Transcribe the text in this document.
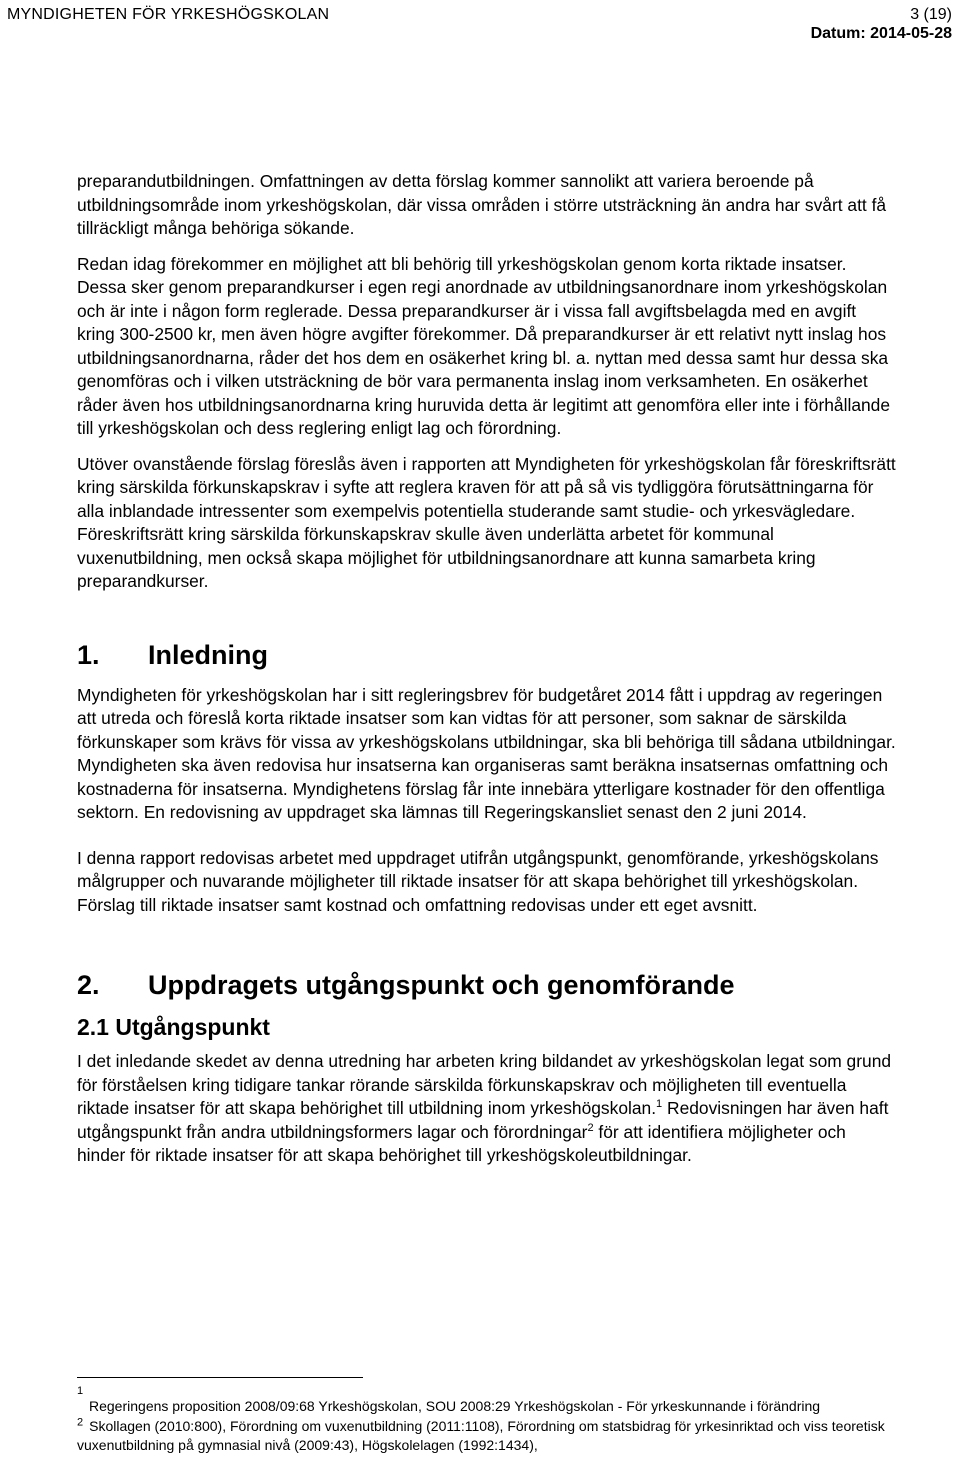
MYNDIGHETEN FÖR YRKESHÖGSKOLAN	3 (19)
Datum: 2014-05-28

preparandutbildningen. Omfattningen av detta förslag kommer sannolikt att variera beroende på utbildningsområde inom yrkeshögskolan, där vissa områden i större utsträckning än andra har svårt att få tillräckligt många behöriga sökande.

Redan idag förekommer en möjlighet att bli behörig till yrkeshögskolan genom korta riktade insatser. Dessa sker genom preparandkurser i egen regi anordnade av utbildningsanordnare inom yrkeshögskolan och är inte i någon form reglerade. Dessa preparandkurser är i vissa fall avgiftsbelagda med en avgift kring 300-2500 kr, men även högre avgifter förekommer. Då preparandkurser är ett relativt nytt inslag hos utbildningsanordnarna, råder det hos dem en osäkerhet kring bl. a. nyttan med dessa samt hur dessa ska genomföras och i vilken utsträckning de bör vara permanenta inslag inom verksamheten. En osäkerhet råder även hos utbildningsanordnarna kring huruvida detta är legitimt att genomföra eller inte i förhållande till yrkeshögskolan och dess reglering enligt lag och förordning.

Utöver ovanstående förslag föreslås även i rapporten att Myndigheten för yrkeshögskolan får föreskriftsrätt kring särskilda förkunskapskrav i syfte att reglera kraven för att på så vis tydliggöra förutsättningarna för alla inblandade intressenter som exempelvis potentiella studerande samt studie- och yrkesvägledare. Föreskriftsrätt kring särskilda förkunskapskrav skulle även underlätta arbetet för kommunal vuxenutbildning, men också skapa möjlighet för utbildningsanordnare att kunna samarbeta kring preparandkurser.

1. Inledning

Myndigheten för yrkeshögskolan har i sitt regleringsbrev för budgetåret 2014 fått i uppdrag av regeringen att utreda och föreslå korta riktade insatser som kan vidtas för att personer, som saknar de särskilda förkunskaper som krävs för vissa av yrkeshögskolans utbildningar, ska bli behöriga till sådana utbildningar. Myndigheten ska även redovisa hur insatserna kan organiseras samt beräkna insatsernas omfattning och kostnaderna för insatserna. Myndighetens förslag får inte innebära ytterligare kostnader för den offentliga sektorn. En redovisning av uppdraget ska lämnas till Regeringskansliet senast den 2 juni 2014.

I denna rapport redovisas arbetet med uppdraget utifrån utgångspunkt, genomförande, yrkeshögskolans målgrupper och nuvarande möjligheter till riktade insatser för att skapa behörighet till yrkeshögskolan. Förslag till riktade insatser samt kostnad och omfattning redovisas under ett eget avsnitt.

2. Uppdragets utgångspunkt och genomförande
2.1 Utgångspunkt

I det inledande skedet av denna utredning har arbeten kring bildandet av yrkeshögskolan legat som grund för förståelsen kring tidigare tankar rörande särskilda förkunskapskrav och möjligheten till eventuella riktade insatser för att skapa behörighet till utbildning inom yrkeshögskolan.$^1$ Redovisningen har även haft utgångspunkt från andra utbildningsformers lagar och förordningar$^2$ för att identifiera möjligheter och hinder för riktade insatser för att skapa behörighet till yrkeshögskoleutbildningar.

1
Regeringens proposition 2008/09:68 Yrkeshögskolan, SOU 2008:29 Yrkeshögskolan - För yrkeskunnande i förändring

$^2$ Skollagen (2010:800), Förordning om vuxenutbildning (2011:1108), Förordning om statsbidrag för yrkesinriktad och viss teoretisk vuxenutbildning på gymnasial nivå (2009:43), Högskolelagen (1992:1434),
